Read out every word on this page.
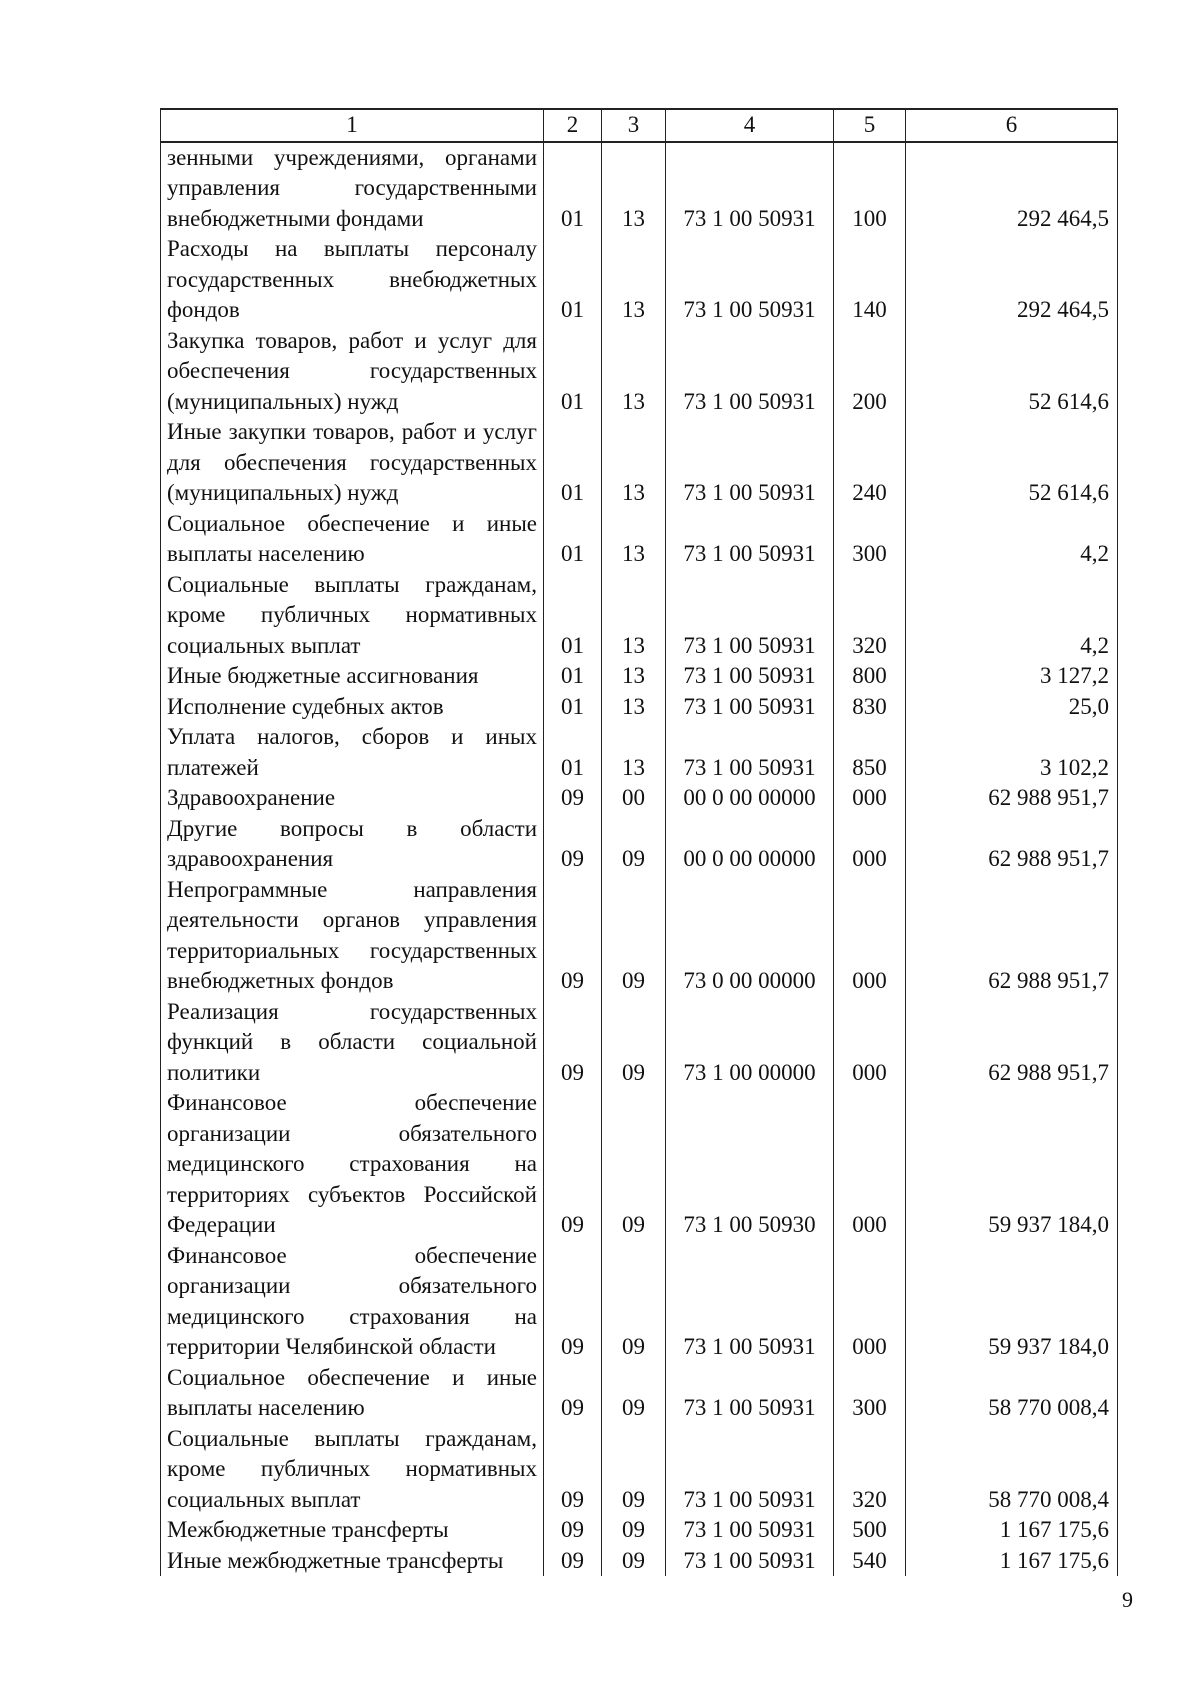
1	2	3	4	5	6
зенными учреждениями, органами управления государственными внебюджетными фондами	01	13	73 1 00 50931	100	292 464,5
Расходы на выплаты персоналу государственных внебюджетных фондов	01	13	73 1 00 50931	140	292 464,5
Закупка товаров, работ и услуг для обеспечения государственных (муниципальных) нужд	01	13	73 1 00 50931	200	52 614,6
Иные закупки товаров, работ и услуг для обеспечения государственных (муниципальных) нужд	01	13	73 1 00 50931	240	52 614,6
Социальное обеспечение и иные выплаты населению	01	13	73 1 00 50931	300	4,2
Социальные выплаты гражданам, кроме публичных нормативных социальных выплат	01	13	73 1 00 50931	320	4,2
Иные бюджетные ассигнования	01	13	73 1 00 50931	800	3 127,2
Исполнение судебных актов	01	13	73 1 00 50931	830	25,0
Уплата налогов, сборов и иных платежей	01	13	73 1 00 50931	850	3 102,2
Здравоохранение	09	00	00 0 00 00000	000	62 988 951,7
Другие вопросы в области здравоохранения	09	09	00 0 00 00000	000	62 988 951,7
Непрограммные направления деятельности органов управления территориальных государственных внебюджетных фондов	09	09	73 0 00 00000	000	62 988 951,7
Реализация государственных функций в области социальной политики	09	09	73 1 00 00000	000	62 988 951,7
Финансовое обеспечение организации обязательного медицинского страхования на территориях субъектов Российской Федерации	09	09	73 1 00 50930	000	59 937 184,0
Финансовое обеспечение организации обязательного медицинского страхования на территории Челябинской области	09	09	73 1 00 50931	000	59 937 184,0
Социальное обеспечение и иные выплаты населению	09	09	73 1 00 50931	300	58 770 008,4
Социальные выплаты гражданам, кроме публичных нормативных социальных выплат	09	09	73 1 00 50931	320	58 770 008,4
Межбюджетные трансферты	09	09	73 1 00 50931	500	1 167 175,6
Иные межбюджетные трансферты	09	09	73 1 00 50931	540	1 167 175,6
9
